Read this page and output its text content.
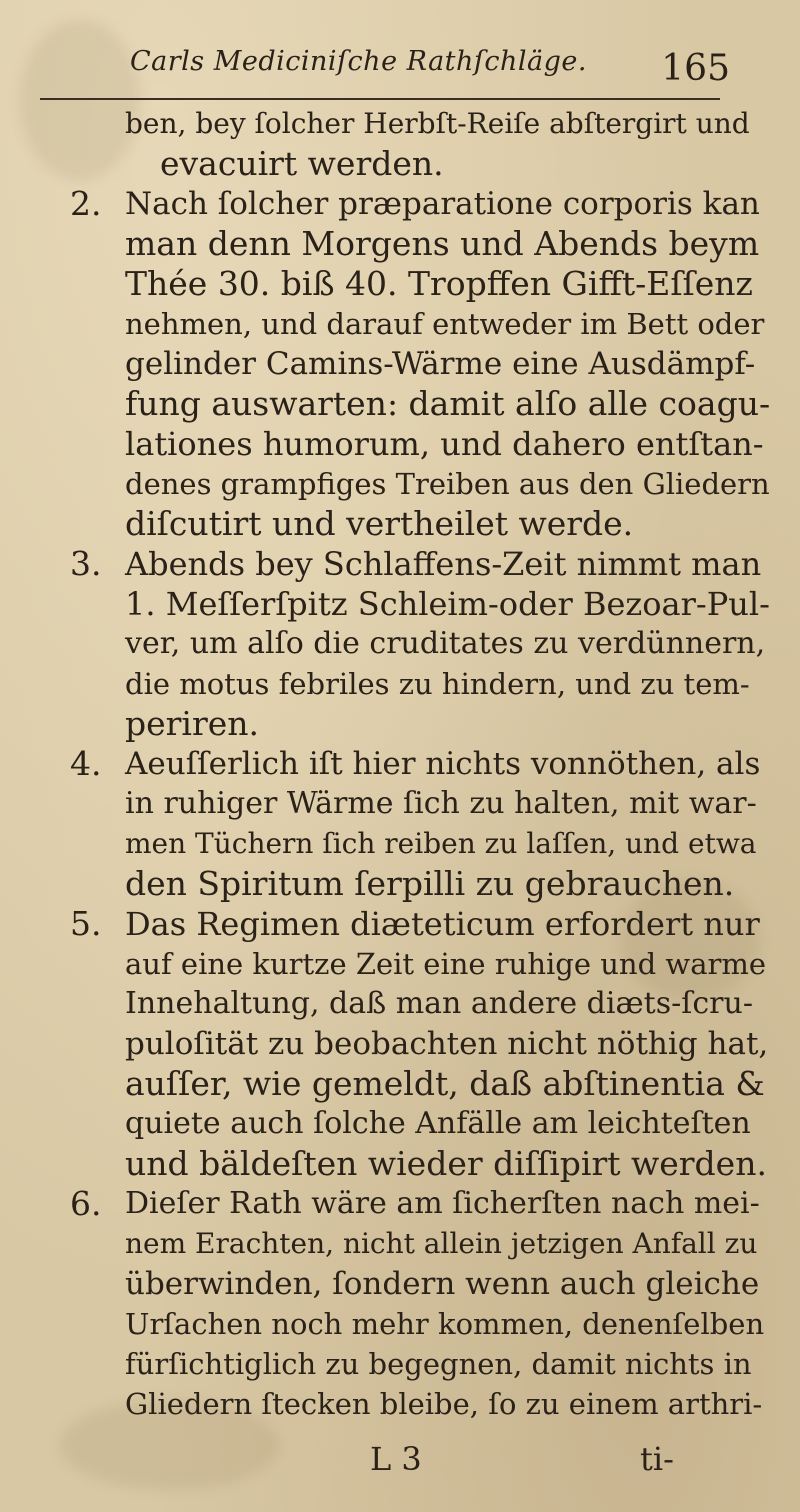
Carls Mediciniſche Rathſchläge. 165
ben, bey ſolcher Herbſt-Reiſe abſtergirt und
evacuirt werden.
2. Nach ſolcher præparatione corporis kan
man denn Morgens und Abends beym
Thée 30. biß 40. Tropffen Gifft-Eſſenz
nehmen, und darauf entweder im Bett oder
gelinder Camins-Wärme eine Ausdämpf-
fung auswarten: damit alſo alle coagu-
lationes humorum, und dahero entſtan-
denes grampfiges Treiben aus den Gliedern
diſcutirt und vertheilet werde.
3. Abends bey Schlaffens-Zeit nimmt man
1. Meſſerſpitz Schleim-oder Bezoar-Pul-
ver, um alſo die cruditates zu verdünnern,
die motus febriles zu hindern, und zu tem-
periren.
4. Aeuſſerlich iſt hier nichts vonnöthen, als
in ruhiger Wärme ſich zu halten, mit war-
men Tüchern ſich reiben zu laſſen, und etwa
den Spiritum ſerpilli zu gebrauchen.
5. Das Regimen diæteticum erfordert nur
auf eine kurtze Zeit eine ruhige und warme
Innehaltung, daß man andere diæts-ſcru-
puloſität zu beobachten nicht nöthig hat,
auſſer, wie gemeldt, daß abſtinentia &
quiete auch ſolche Anfälle am leichteſten
und bäldeſten wieder diſſipirt werden.
6. Dieſer Rath wäre am ſicherſten nach mei-
nem Erachten, nicht allein jetzigen Anfall zu
überwinden, ſondern wenn auch gleiche
Urſachen noch mehr kommen, denenſelben
fürſichtiglich zu begegnen, damit nichts in
Gliedern ſtecken bleibe, ſo zu einem arthri-
L 3	ti-
